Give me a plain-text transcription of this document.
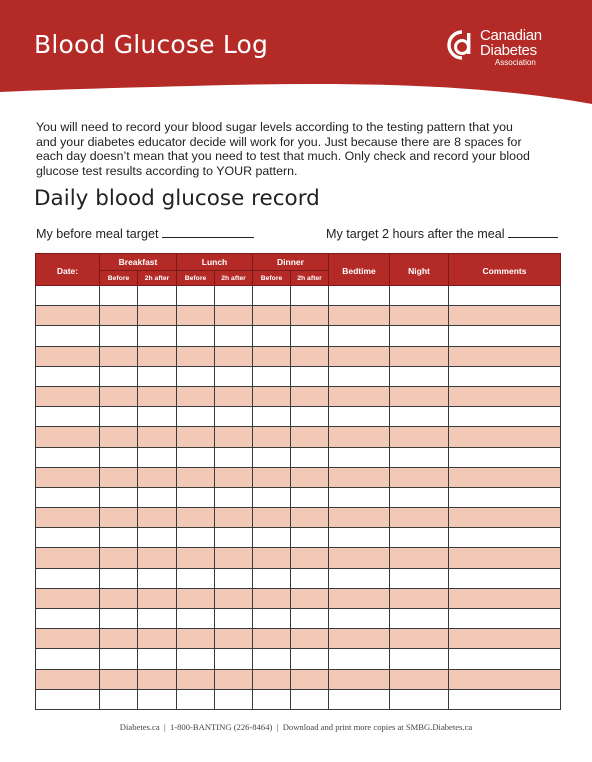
Blood Glucose Log	Canadian
Diabetes
Association

You will need to record your blood sugar levels according to the testing pattern that you and your diabetes educator decide will work for you. Just because there are 8 spaces for each day doesn’t mean that you need to test that much. Only check and record your blood glucose test results according to YOUR pattern.

Daily blood glucose record
My before meal target	My target 2 hours after the meal
Date:	Breakfast		Lunch		Dinner		Bedtime	Night	Comments
	Before	2h after	Before	2h after	Before	2h after			

Diabetes.ca | 1-800-BANTING (226-8464) | Download and print more copies at SMBG.Diabetes.ca
